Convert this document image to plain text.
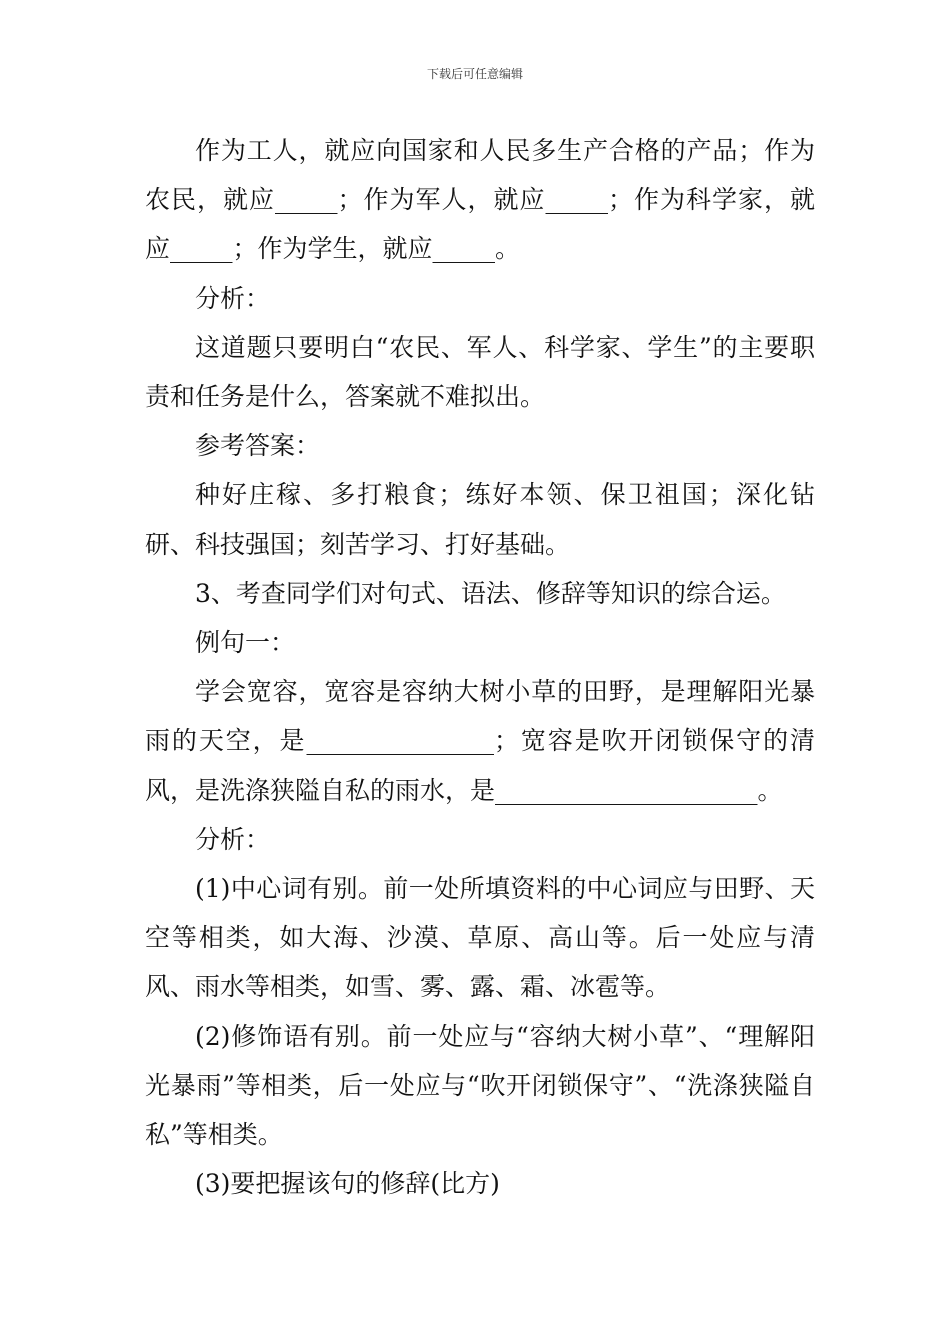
下载后可任意编辑

作为工人，就应向国家和人民多生产合格的产品；作为农民，就应_____；作为军人，就应_____；作为科学家，就应_____；作为学生，就应_____。

分析：

这道题只要明白“农民、军人、科学家、学生”的主要职责和任务是什么，答案就不难拟出。

参考答案：

种好庄稼、多打粮食；练好本领、保卫祖国；深化钻研、科技强国；刻苦学习、打好基础。

3、考查同学们对句式、语法、修辞等知识的综合运。

例句一：

学会宽容，宽容是容纳大树小草的田野，是理解阳光暴雨的天空，是_______________；宽容是吹开闭锁保守的清风，是洗涤狭隘自私的雨水，是_____________________。

分析：

(1)中心词有别。前一处所填资料的中心词应与田野、天空等相类，如大海、沙漠、草原、高山等。后一处应与清风、雨水等相类，如雪、雾、露、霜、冰雹等。

(2)修饰语有别。前一处应与“容纳大树小草”、“理解阳光暴雨”等相类，后一处应与“吹开闭锁保守”、“洗涤狭隘自私”等相类。

(3)要把握该句的修辞(比方)
